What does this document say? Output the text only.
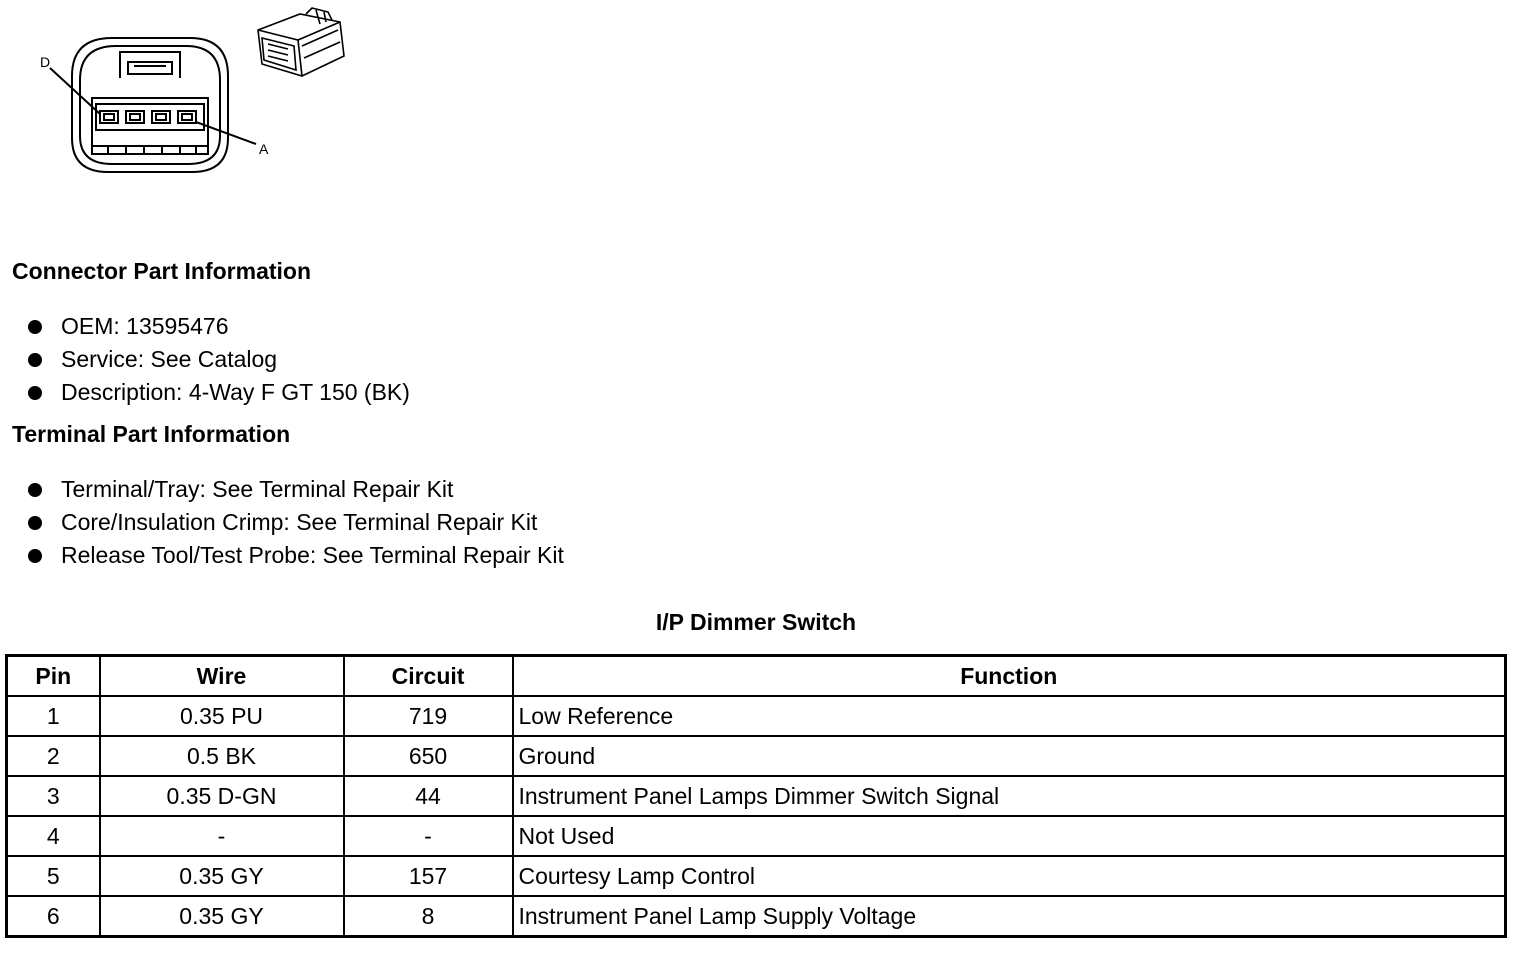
D
A
Connector Part Information
OEM: 13595476
Service: See Catalog
Description: 4-Way F GT 150 (BK)
Terminal Part Information
Terminal/Tray: See Terminal Repair Kit
Core/Insulation Crimp: See Terminal Repair Kit
Release Tool/Test Probe: See Terminal Repair Kit
I/P Dimmer Switch
Pin	Wire	Circuit	Function
1	0.35 PU	719	Low Reference
2	0.5 BK	650	Ground
3	0.35 D-GN	44	Instrument Panel Lamps Dimmer Switch Signal
4	-	-	Not Used
5	0.35 GY	157	Courtesy Lamp Control
6	0.35 GY	8	Instrument Panel Lamp Supply Voltage
